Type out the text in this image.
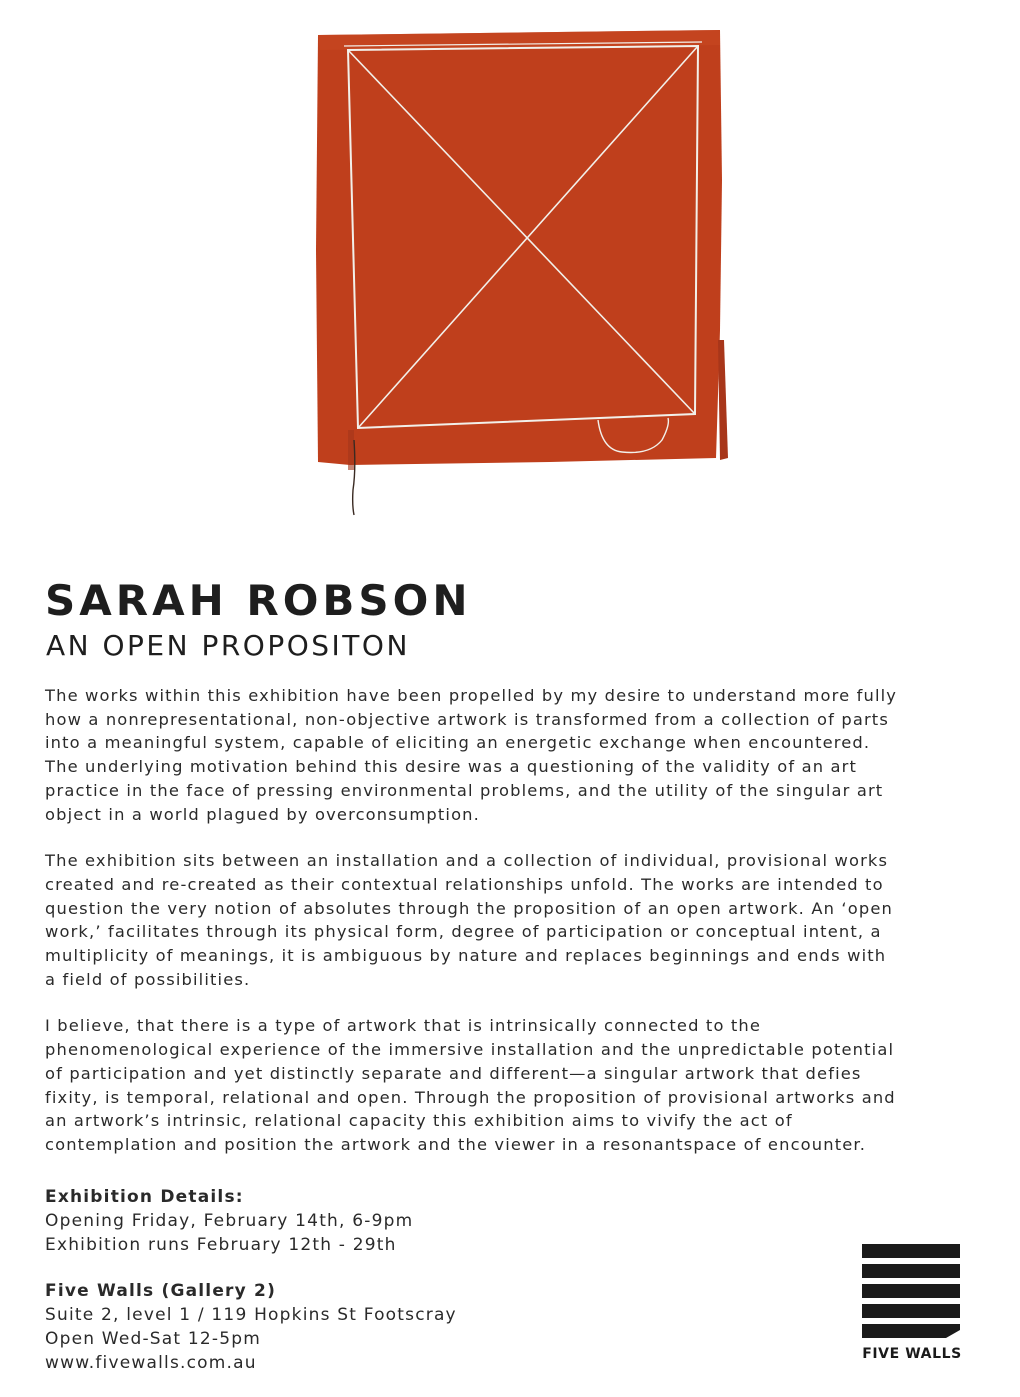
SARAH ROBSON
AN OPEN PROPOSITON

The works within this exhibition have been propelled by my desire to understand more fully
how a nonrepresentational, non-objective artwork is transformed from a collection of parts
into a meaningful system, capable of eliciting an energetic exchange when encountered.
The underlying motivation behind this desire was a questioning of the validity of an art
practice in the face of pressing environmental problems, and the utility of the singular art
object in a world plagued by overconsumption.

The exhibition sits between an installation and a collection of individual, provisional works
created and re-created as their contextual relationships unfold. The works are intended to
question the very notion of absolutes through the proposition of an open artwork. An ‘open
work,’ facilitates through its physical form, degree of participation or conceptual intent, a
multiplicity of meanings, it is ambiguous by nature and replaces beginnings and ends with
a field of possibilities.

I believe, that there is a type of artwork that is intrinsically connected to the
phenomenological experience of the immersive installation and the unpredictable potential
of participation and yet distinctly separate and different—a singular artwork that defies
fixity, is temporal, relational and open. Through the proposition of provisional artworks and
an artwork’s intrinsic, relational capacity this exhibition aims to vivify the act of
contemplation and position the artwork and the viewer in a resonantspace of encounter.

Exhibition Details:
Opening Friday, February 14th, 6-9pm
Exhibition runs February 12th - 29th
Five Walls (Gallery 2)
Suite 2, level 1 / 119 Hopkins St Footscray
Open Wed-Sat 12-5pm
www.fivewalls.com.au	FIVE WALLS
